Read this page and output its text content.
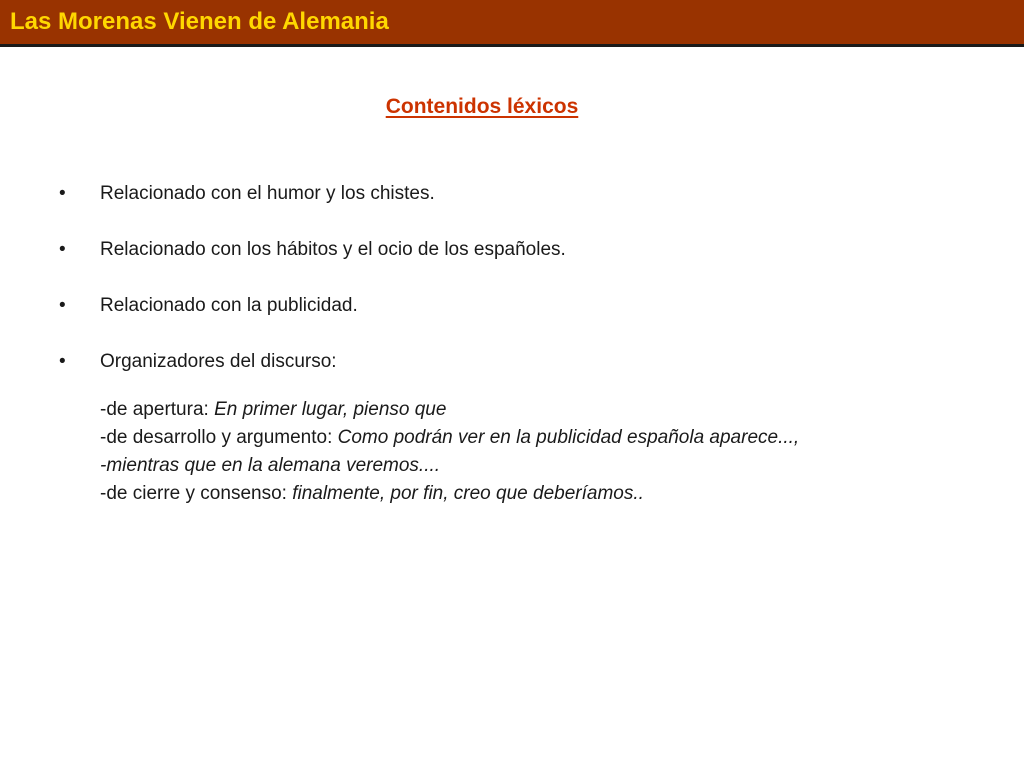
Las Morenas Vienen de Alemania
Contenidos léxicos
• Relacionado con el humor y los chistes.
• Relacionado con los hábitos y el ocio de los españoles.
• Relacionado con la publicidad.
• Organizadores del discurso:
-de apertura: En primer lugar, pienso que
-de desarrollo y argumento: Como podrán ver en la publicidad española aparece...,
-mientras que en la alemana veremos....
-de cierre y consenso: finalmente, por fin, creo que deberíamos..
